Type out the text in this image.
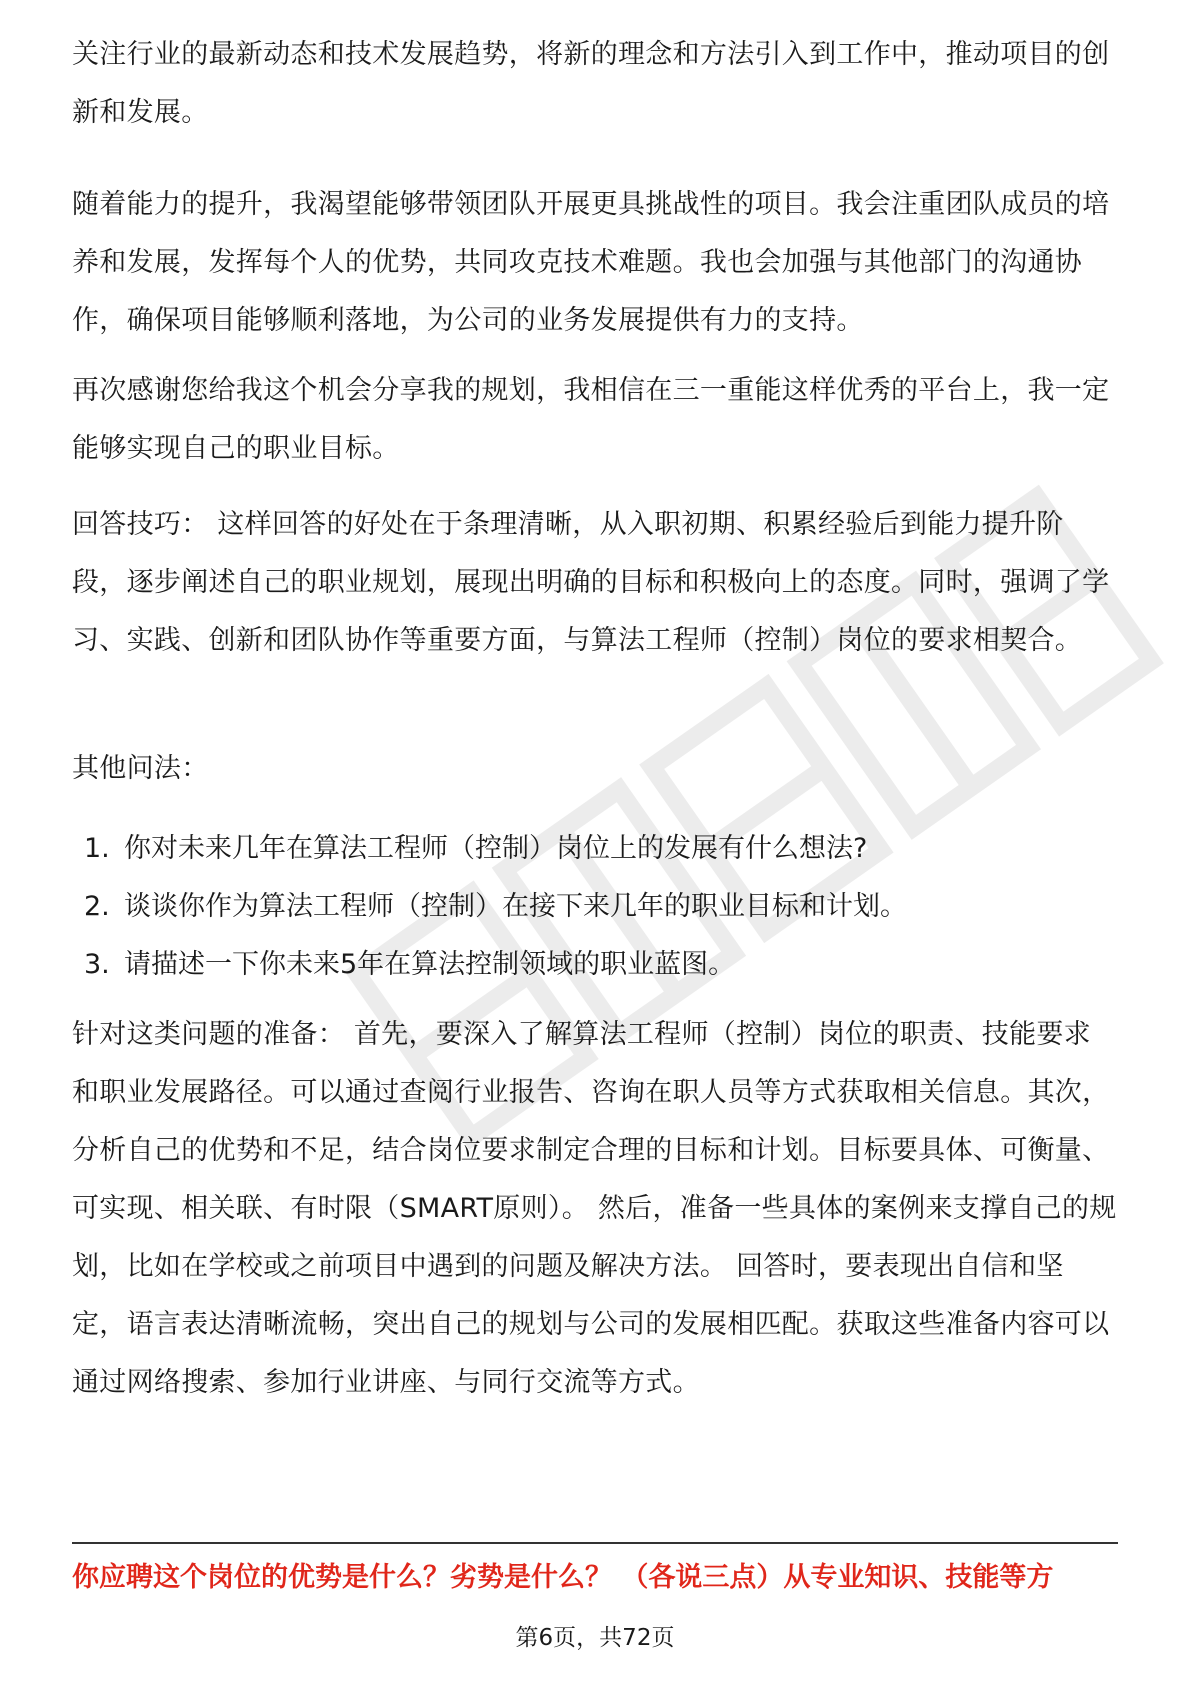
关注行业的最新动态和技术发展趋势，将新的理念和方法引入到工作中，推动项目的创新和发展。

随着能力的提升，我渴望能够带领团队开展更具挑战性的项目。我会注重团队成员的培养和发展，发挥每个人的优势，共同攻克技术难题。我也会加强与其他部门的沟通协作，确保项目能够顺利落地，为公司的业务发展提供有力的支持。

再次感谢您给我这个机会分享我的规划，我相信在三一重能这样优秀的平台上，我一定能够实现自己的职业目标。

回答技巧： 这样回答的好处在于条理清晰，从入职初期、积累经验后到能力提升阶段，逐步阐述自己的职业规划，展现出明确的目标和积极向上的态度。同时，强调了学习、实践、创新和团队协作等重要方面，与算法工程师（控制）岗位的要求相契合。

其他问法：

1. 你对未来几年在算法工程师（控制）岗位上的发展有什么想法?
2. 谈谈你作为算法工程师（控制）在接下来几年的职业目标和计划。
3. 请描述一下你未来5年在算法控制领域的职业蓝图。

针对这类问题的准备： 首先，要深入了解算法工程师（控制）岗位的职责、技能要求和职业发展路径。可以通过查阅行业报告、咨询在职人员等方式获取相关信息。其次，分析自己的优势和不足，结合岗位要求制定合理的目标和计划。目标要具体、可衡量、可实现、相关联、有时限（SMART原则）。 然后，准备一些具体的案例来支撑自己的规划，比如在学校或之前项目中遇到的问题及解决方法。 回答时，要表现出自信和坚定，语言表达清晰流畅，突出自己的规划与公司的发展相匹配。获取这些准备内容可以通过网络搜索、参加行业讲座、与同行交流等方式。

你应聘这个岗位的优势是什么？劣势是什么？ （各说三点）从专业知识、技能等方
第6页，共72页
